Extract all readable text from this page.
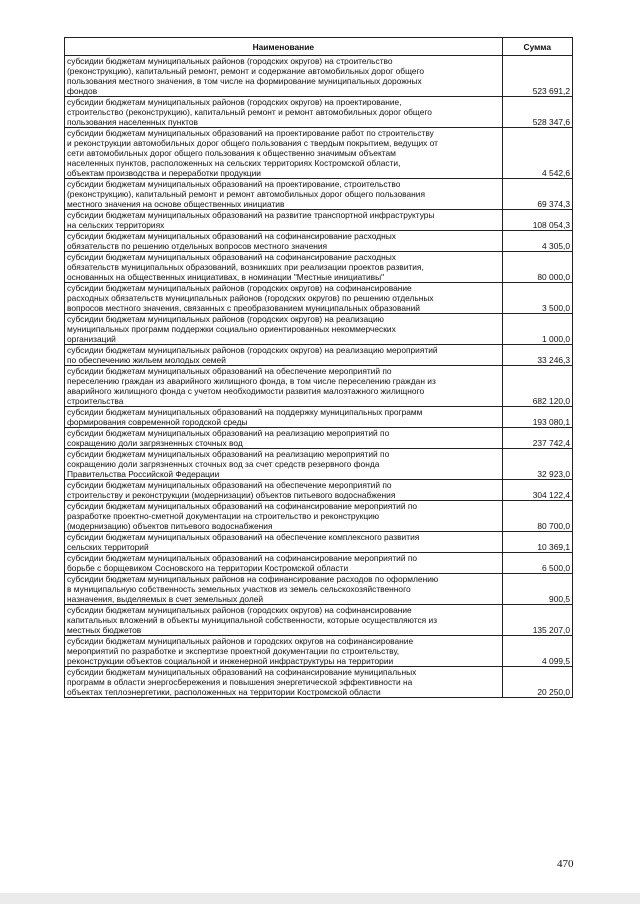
Наименование	Сумма

субсидии бюджетам муниципальных районов (городских округов) на строительство
(реконструкцию), капитальный ремонт, ремонт и содержание автомобильных дорог общего
пользования местного значения, в том числе на формирование муниципальных дорожных
фондов	523 691,2

субсидии бюджетам муниципальных районов (городских округов) на проектирование,
строительство (реконструкцию), капитальный ремонт и ремонт автомобильных дорог общего
пользования населенных пунктов	528 347,6

субсидии бюджетам муниципальных образований на проектирование работ по строительству
и реконструкции автомобильных дорог общего пользования с твердым покрытием, ведущих от
сети автомобильных дорог общего пользования к общественно значимым объектам
населенных пунктов, расположенных на сельских территориях Костромской области,
объектам производства и переработки продукции	4 542,6

субсидии бюджетам муниципальных образований на проектирование, строительство
(реконструкцию), капитальный ремонт и ремонт автомобильных дорог общего пользования
местного значения на основе общественных инициатив	69 374,3

субсидии бюджетам муниципальных образований на развитие транспортной инфраструктуры
на сельских территориях	108 054,3

субсидии бюджетам муниципальных образований на софинансирование расходных
обязательств по решению отдельных вопросов местного значения	4 305,0

субсидии бюджетам муниципальных образований на софинансирование расходных
обязательств муниципальных образований, возникших при реализации проектов развития,
основанных на общественных инициативах, в номинации "Местные инициативы"	80 000,0

субсидии бюджетам муниципальных районов (городских округов) на софинансирование
расходных обязательств муниципальных районов (городских округов) по решению отдельных
вопросов местного значения, связанных с преобразованием муниципальных образований	3 500,0

субсидии бюджетам муниципальных районов (городских округов) на реализацию
муниципальных программ поддержки социально ориентированных некоммерческих
организаций	1 000,0

субсидии бюджетам муниципальных районов (городских округов) на реализацию мероприятий
по обеспечению жильем молодых семей	33 246,3

субсидии бюджетам муниципальных образований на обеспечение мероприятий по
переселению граждан из аварийного жилищного фонда, в том числе переселению граждан из
аварийного жилищного фонда с учетом необходимости развития малоэтажного жилищного
строительства	682 120,0

субсидии бюджетам муниципальных образований на поддержку муниципальных программ
формирования современной городской среды	193 080,1

субсидии бюджетам муниципальных образований на реализацию мероприятий по
сокращению доли загрязненных сточных вод	237 742,4

субсидии бюджетам муниципальных образований на реализацию мероприятий по
сокращению доли загрязненных сточных вод за счет средств резервного фонда
Правительства Российской Федерации	32 923,0

субсидии бюджетам муниципальных образований на обеспечение мероприятий по
строительству и реконструкции (модернизации) объектов питьевого водоснабжения	304 122,4

субсидии бюджетам муниципальных образований на софинансирование мероприятий по
разработке проектно-сметной документации на строительство и реконструкцию
(модернизацию) объектов питьевого водоснабжения	80 700,0

субсидии бюджетам муниципальных образований на обеспечение комплексного развития
сельских территорий	10 369,1

субсидии бюджетам муниципальных образований на софинансирование мероприятий по
борьбе с борщевиком Сосновского на территории Костромской области	6 500,0

субсидии бюджетам муниципальных районов на софинансирование расходов по оформлению
в муниципальную собственность земельных участков из земель сельскохозяйственного
назначения, выделяемых в счет земельных долей	900,5

субсидии бюджетам муниципальных районов (городских округов) на софинансирование
капитальных вложений в объекты муниципальной собственности, которые осуществляются из
местных бюджетов	135 207,0

субсидии бюджетам муниципальных районов и городских округов на софинансирование
мероприятий по разработке и экспертизе проектной документации по строительству,
реконструкции объектов социальной и инженерной инфраструктуры на территории	4 099,5

субсидии бюджетам муниципальных образований на софинансирование муниципальных
программ в области энергосбережения и повышения энергетической эффективности на
объектах теплоэнергетики, расположенных на территории Костромской области	20 250,0
470
